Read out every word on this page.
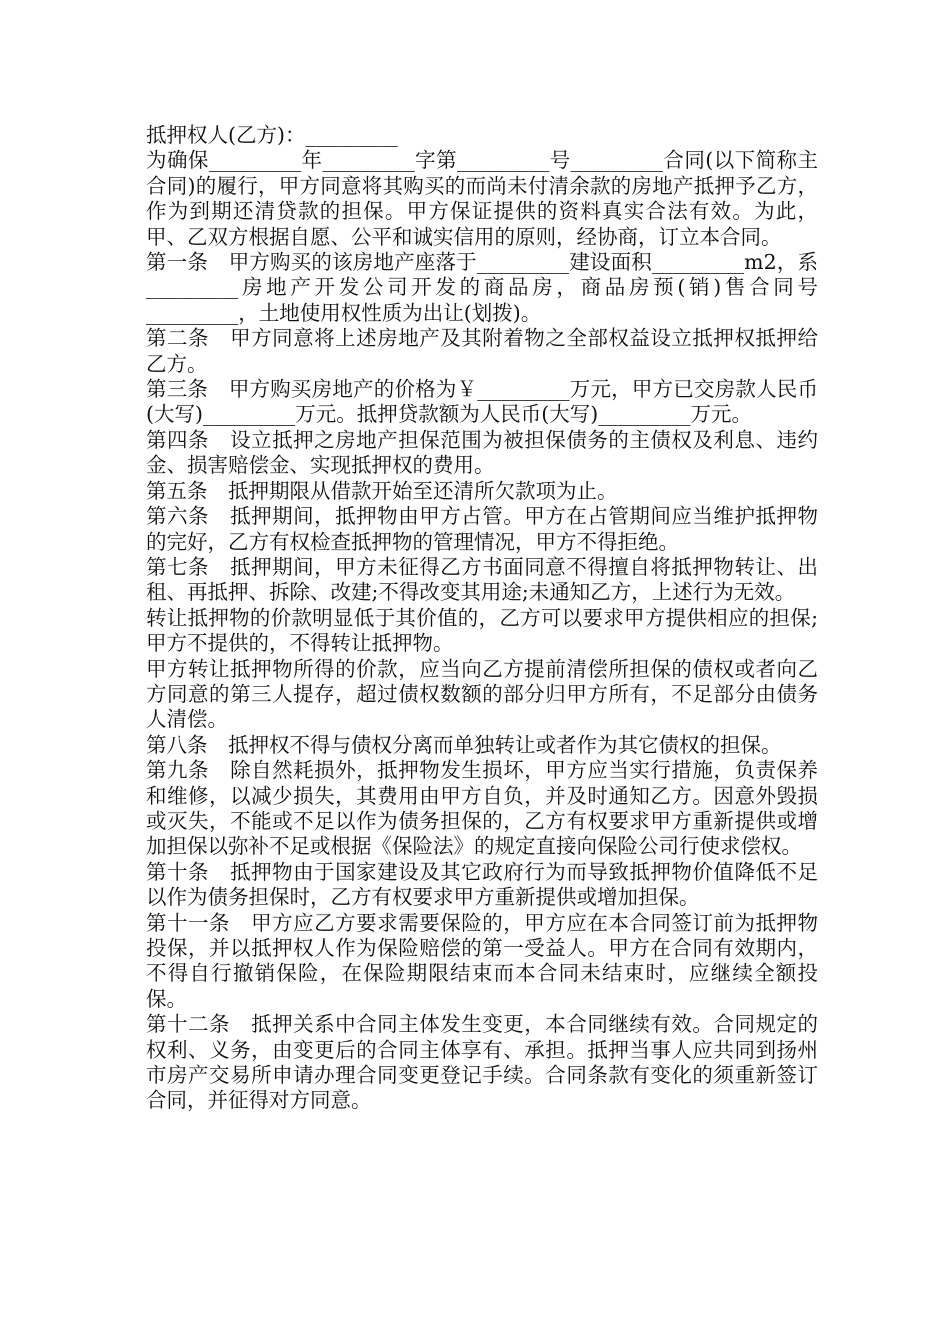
抵押权人(乙方)：_________

为确保_________年_________字第_________号_________合同(以下简称主合同)的履行，甲方同意将其购买的而尚未付清余款的房地产抵押予乙方，作为到期还清贷款的担保。甲方保证提供的资料真实合法有效。为此，甲、乙双方根据自愿、公平和诚实信用的原则，经协商，订立本合同。

第一条　甲方购买的该房地产座落于_________建设面积_________m2，系_________房地产开发公司开发的商品房，商品房预(销)售合同号_________，土地使用权性质为出让(划拨)。

第二条　甲方同意将上述房地产及其附着物之全部权益设立抵押权抵押给乙方。

第三条　甲方购买房地产的价格为￥_________万元，甲方已交房款人民币(大写)_________万元。抵押贷款额为人民币(大写)_________万元。

第四条　设立抵押之房地产担保范围为被担保债务的主债权及利息、违约金、损害赔偿金、实现抵押权的费用。

第五条　抵押期限从借款开始至还清所欠款项为止。

第六条　抵押期间，抵押物由甲方占管。甲方在占管期间应当维护抵押物的完好，乙方有权检查抵押物的管理情况，甲方不得拒绝。

第七条　抵押期间，甲方未征得乙方书面同意不得擅自将抵押物转让、出租、再抵押、拆除、改建;不得改变其用途;未通知乙方，上述行为无效。

转让抵押物的价款明显低于其价值的，乙方可以要求甲方提供相应的担保;甲方不提供的，不得转让抵押物。

甲方转让抵押物所得的价款，应当向乙方提前清偿所担保的债权或者向乙方同意的第三人提存，超过债权数额的部分归甲方所有，不足部分由债务人清偿。

第八条　抵押权不得与债权分离而单独转让或者作为其它债权的担保。

第九条　除自然耗损外，抵押物发生损坏，甲方应当实行措施，负责保养和维修，以减少损失，其费用由甲方自负，并及时通知乙方。因意外毁损或灭失，不能或不足以作为债务担保的，乙方有权要求甲方重新提供或增加担保以弥补不足或根据《保险法》的规定直接向保险公司行使求偿权。

第十条　抵押物由于国家建设及其它政府行为而导致抵押物价值降低不足以作为债务担保时，乙方有权要求甲方重新提供或增加担保。

第十一条　甲方应乙方要求需要保险的，甲方应在本合同签订前为抵押物投保，并以抵押权人作为保险赔偿的第一受益人。甲方在合同有效期内，不得自行撤销保险，在保险期限结束而本合同未结束时，应继续全额投保。

第十二条　抵押关系中合同主体发生变更，本合同继续有效。合同规定的权利、义务，由变更后的合同主体享有、承担。抵押当事人应共同到扬州市房产交易所申请办理合同变更登记手续。合同条款有变化的须重新签订合同，并征得对方同意。
